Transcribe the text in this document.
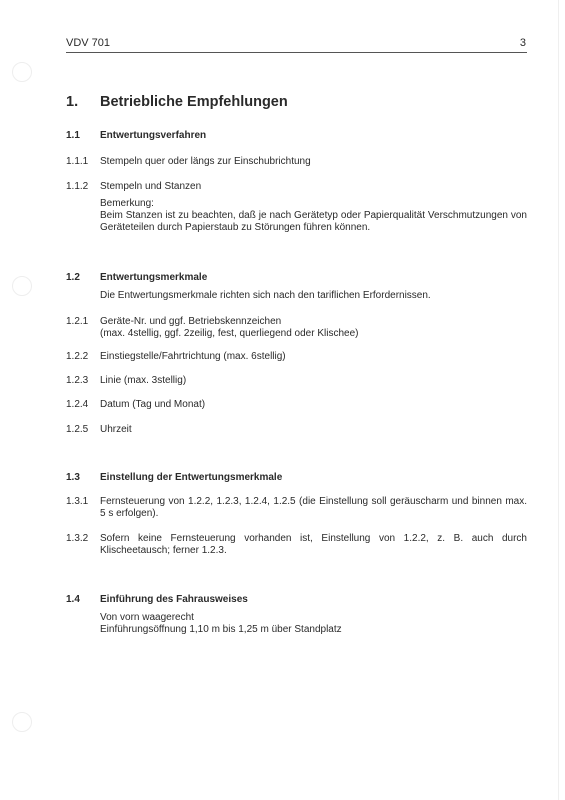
VDV 701	3
1. Betriebliche Empfehlungen
1.1 Entwertungsverfahren
1.1.1 Stempeln quer oder längs zur Einschubrichtung
1.1.2 Stempeln und Stanzen
Bemerkung:
Beim Stanzen ist zu beachten, daß je nach Gerätetyp oder Papierqualität Verschmutzungen von Geräteteilen durch Papierstaub zu Störungen führen können.
1.2 Entwertungsmerkmale
Die Entwertungsmerkmale richten sich nach den tariflichen Erfordernissen.
1.2.1 Geräte-Nr. und ggf. Betriebskennzeichen
(max. 4stellig, ggf. 2zeilig, fest, querliegend oder Klischee)
1.2.2 Einstiegstelle/Fahrtrichtung (max. 6stellig)
1.2.3 Linie (max. 3stellig)
1.2.4 Datum (Tag und Monat)
1.2.5 Uhrzeit
1.3 Einstellung der Entwertungsmerkmale
1.3.1 Fernsteuerung von 1.2.2, 1.2.3, 1.2.4, 1.2.5 (die Einstellung soll geräuscharm und binnen max. 5 s erfolgen).
1.3.2 Sofern keine Fernsteuerung vorhanden ist, Einstellung von 1.2.2, z. B. auch durch Klischeetausch; ferner 1.2.3.
1.4 Einführung des Fahrausweises
Von vorn waagerecht
Einführungsöffnung 1,10 m bis 1,25 m über Standplatz
